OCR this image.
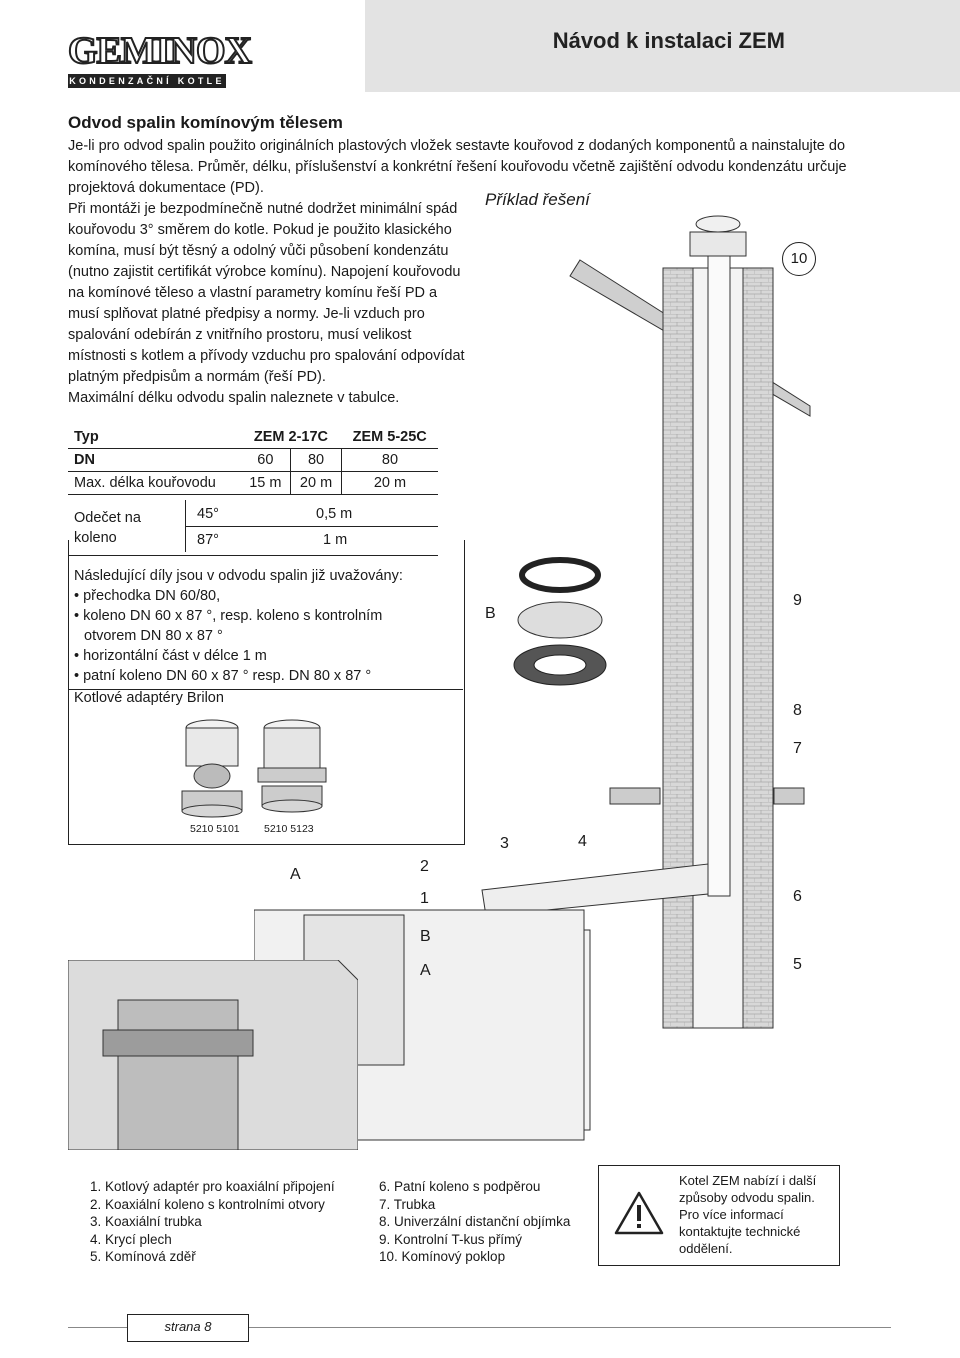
Návod k instalaci ZEM
GEMINOX
KONDENZAČNÍ KOTLE
Odvod spalin komínovým tělesem

Je-li pro odvod spalin použito originálních plastových vložek sestavte kouřovod z dodaných komponentů a nainstalujte do komínového tělesa. Průměr, délku, příslušenství a konkrétní řešení kouřovodu včetně zajištění odvodu kondenzátu určuje projektová dokumentace (PD).

Při montáži je bezpodmínečně nutné dodržet minimální spád kouřovodu 3° směrem do kotle. Pokud je použito klasického komína, musí být těsný a odolný vůči působení kondenzátu (nutno zajistit certifikát výrobce komínu). Napojení kouřovodu na komínové těleso a vlastní parametry komínu řeší PD a musí splňovat platné předpisy a normy. Je-li vzduch pro spalování odebírán z vnitřního prostoru, musí velikost místnosti s kotlem a přívody vzduchu pro spalování odpovídat platným předpisům a normám (řeší PD).

Maximální délku odvodu spalin naleznete v tabulce.

Příklad řešení
Typ	ZEM 2-17C		ZEM 5-25C
DN	60	80	80
Max. délka kouřovodu	15 m	20 m	20 m
Odečet na
koleno
45°	0,5 m
87°	1 m
Následující díly jsou v odvodu spalin již uvažovány:
• přechodka DN 60/80,
• koleno DN 60 x 87 °, resp. koleno s kontrolním
otvorem DN 80 x 87 °
• horizontální část v délce 1 m
• patní koleno DN 60 x 87 ° resp. DN 80 x 87 °
Kotlové adaptéry Brilon
5210 5101 5210 5123
A
B
2
1
B
A
3	4
5
6
7
8
9
10
1. Kotlový adaptér pro koaxiální připojení
2. Koaxiální koleno s kontrolními otvory
3. Koaxiální trubka
4. Krycí plech
5. Komínová zděř
6. Patní koleno s podpěrou
7. Trubka
8. Univerzální distanční objímka
9. Kontrolní T-kus přímý
10. Komínový poklop
Kotel ZEM nabízí i další způsoby odvodu spalin. Pro více informací kontaktujte technické oddělení.
strana 8
